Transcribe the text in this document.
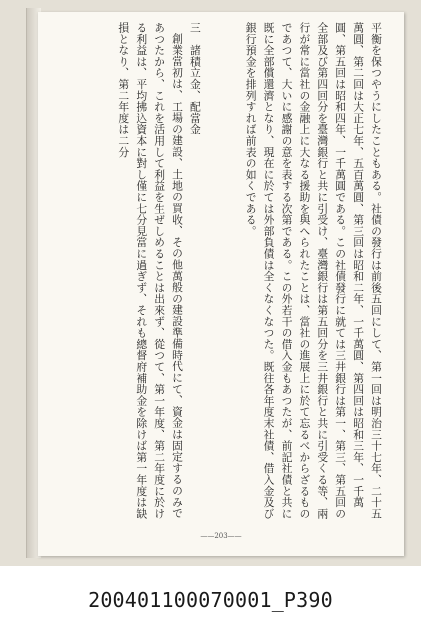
平衡を保つやうにしたこともある。社債の發行は前後五回にして、第一回は明治三十七年、二十五萬圓、第二回は大正七年、五百萬圓、第三回は昭和二年、一千萬圓、第四回は昭和三年、一千萬圓、第五回は昭和四年、一千萬圓である。この社債發行に就ては三井銀行は第一、第三、第五回の全部及び第四回分を臺灣銀行と共に引受け、臺灣銀行は第五回分を三井銀行と共に引受くる等、兩行が常に當社の金融上に大なる援助を與へられたことは、當社の進展上に於て忘るべからざるものであつて、大いに感謝の意を表する次第である。この外若干の借入金もあつたが、前記社債と共に既に全部償還濟となり、現在に於ては外部負債は全くなくなつた。既往各年度末社債、借入金及び銀行預金を排列すれば前表の如くである。

三　諸積立金、配當金

創業當初は、工場の建設、土地の買收、その他萬般の建設準備時代にて、資金は固定するのみであつたから、これを活用して利益を生ぜしめることは出來ず、從つて、第一年度、第二年度に於ける利益は、平均拂込資本に對し僅に七分見當に過ぎず、それも總督府補助金を除けば第一年度は缺損となり、第二年度は二分

——203——
200401100070001_P390
